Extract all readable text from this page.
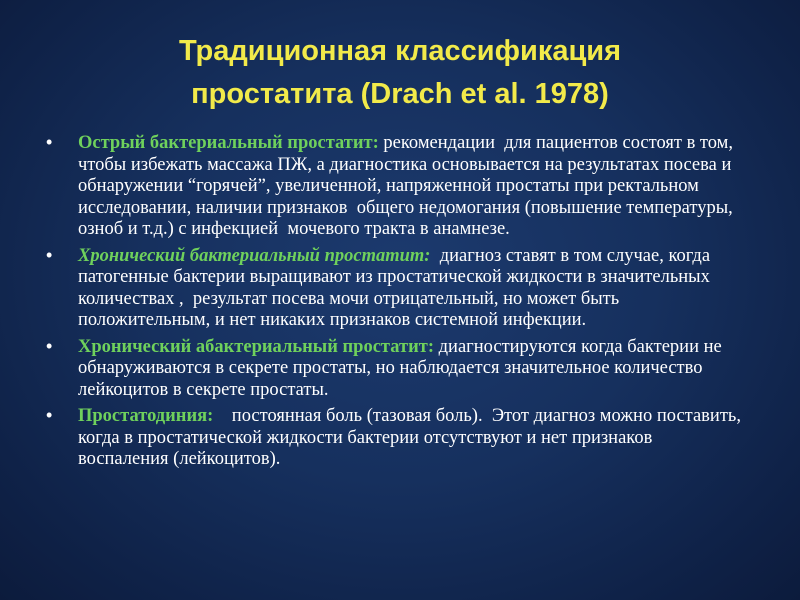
Традиционная классификация
простатита (Drach et al. 1978)
• Острый бактериальный простатит: рекомендации  для пациентов состоят в том, чтобы избежать массажа ПЖ, а диагностика основывается на результатах посева и обнаружении “горячей”, увеличенной, напряженной простаты при ректальном исследовании, наличии признаков  общего недомогания (повышение температуры, озноб и т.д.) с инфекцией  мочевого тракта в анамнезе.
• Хронический бактериальный простатит:  диагноз ставят в том случае, когда патогенные бактерии выращивают из простатической жидкости в значительных количествах ,  результат посева мочи отрицательный, но может быть положительным, и нет никаких признаков системной инфекции.
• Хронический абактериальный простатит: диагностируются когда бактерии не обнаруживаются в секрете простаты, но наблюдается значительное количество лейкоцитов в секрете простаты.
• Простатодиния:    постоянная боль (тазовая боль).  Этот диагноз можно поставить, когда в простатической жидкости бактерии отсутствуют и нет признаков воспаления (лейкоцитов).
